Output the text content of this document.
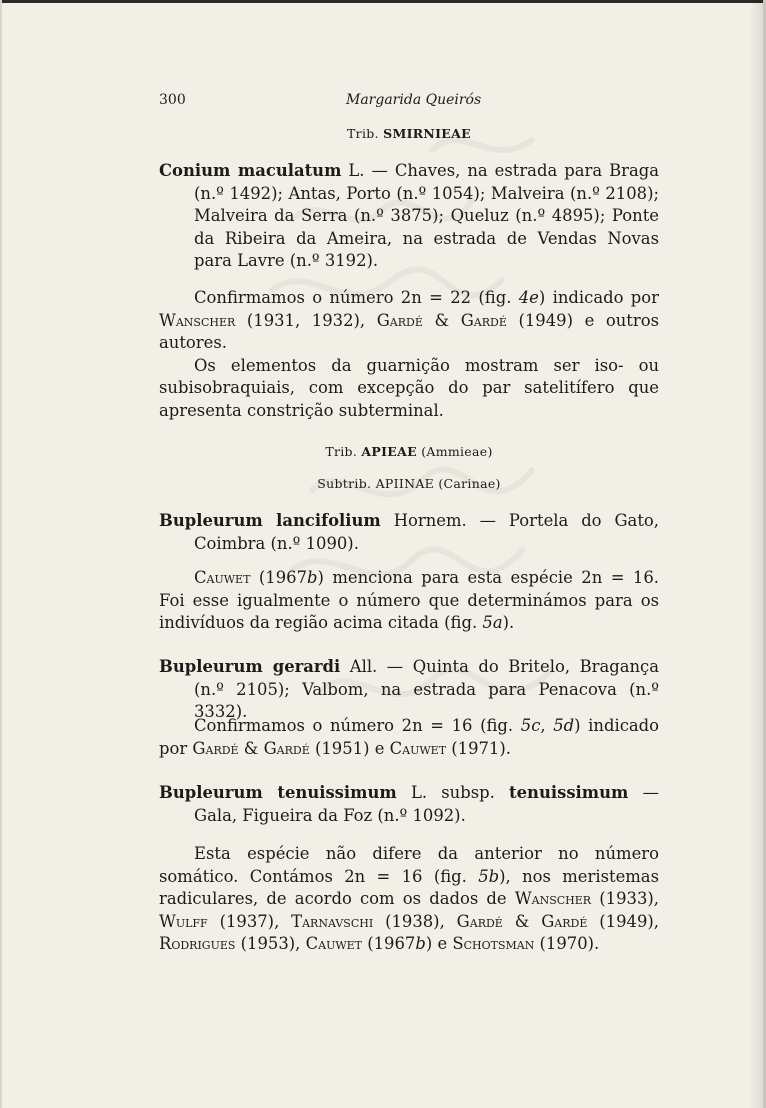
300	Margarida Queirós
Trib. SMIRNIEAE

Conium maculatum L. — Chaves, na estrada para Braga (n.º 1492); Antas, Porto (n.º 1054); Malveira (n.º 2108); Malveira da Serra (n.º 3875); Queluz (n.º 4895); Ponte da Ribeira da Ameira, na estrada de Vendas Novas para Lavre (n.º 3192).

Confirmamos o número 2n = 22 (fig. 4e) indicado por Wanscher (1931, 1932), Gardé & Gardé (1949) e outros autores.

Os elementos da guarnição mostram ser iso- ou subisobraquiais, com excepção do par satelitífero que apresenta constrição subterminal.

Trib. APIEAE (Ammieae)
Subtrib. APIINAE (Carinae)

Bupleurum lancifolium Hornem. — Portela do Gato, Coimbra (n.º 1090).

Cauwet (1967b) menciona para esta espécie 2n = 16. Foi esse igualmente o número que determinámos para os indivíduos da região acima citada (fig. 5a).

Bupleurum gerardi All. — Quinta do Britelo, Bragança (n.º 2105); Valbom, na estrada para Penacova (n.º 3332).

Confirmamos o número 2n = 16 (fig. 5c, 5d) indicado por Gardé & Gardé (1951) e Cauwet (1971).

Bupleurum tenuissimum L. subsp. tenuissimum — Gala, Figueira da Foz (n.º 1092).

Esta espécie não difere da anterior no número somático. Contámos 2n = 16 (fig. 5b), nos meristemas radiculares, de acordo com os dados de Wanscher (1933), Wulff (1937), Tarnavschi (1938), Gardé & Gardé (1949), Rodrigues (1953), Cauwet (1967b) e Schotsman (1970).
